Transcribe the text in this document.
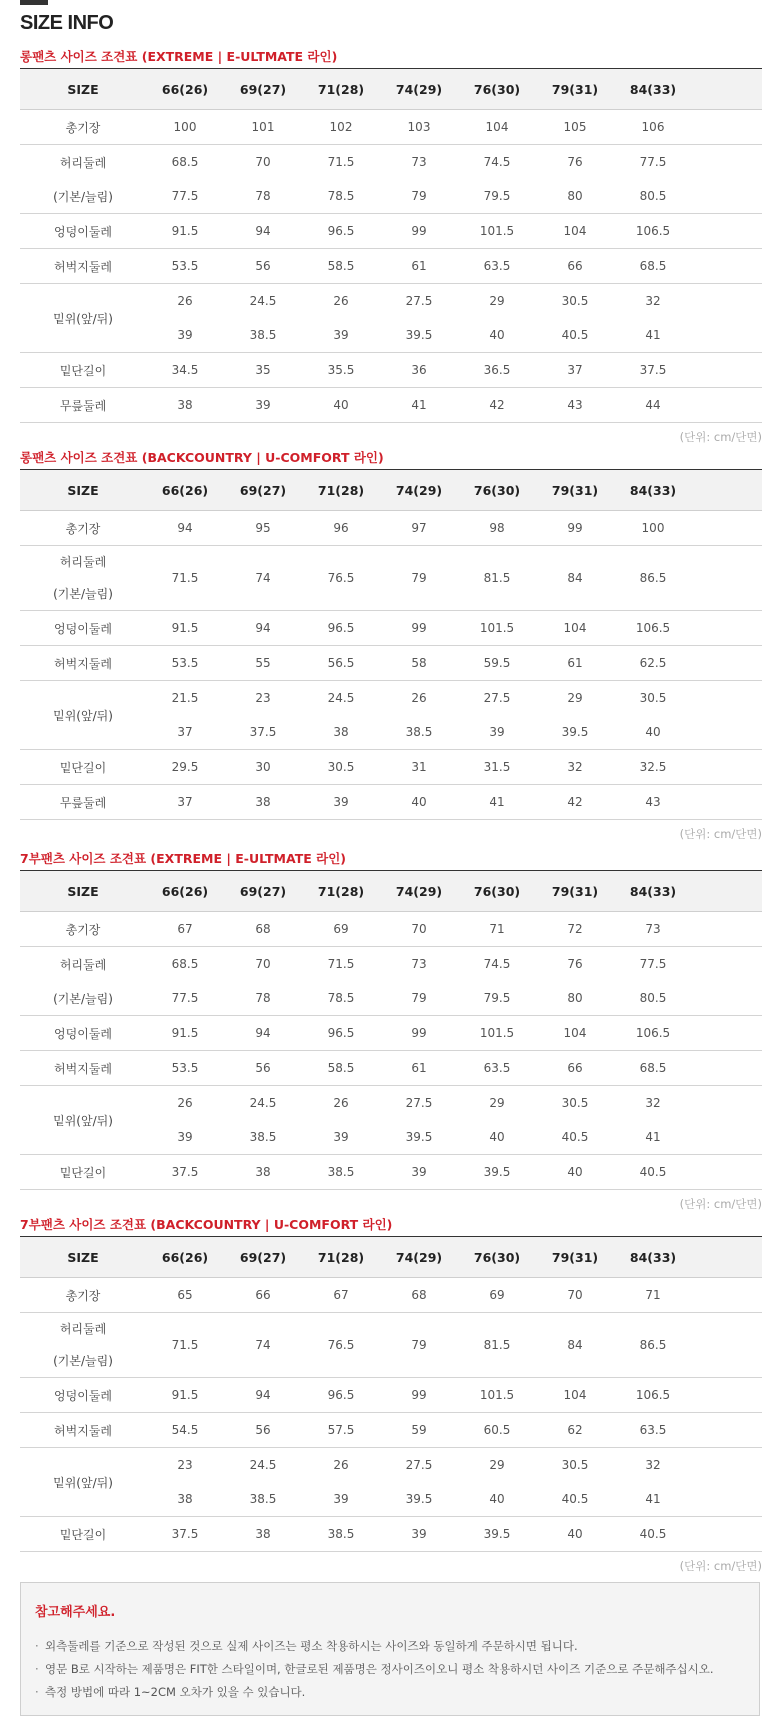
SIZE INFO
롱팬츠 사이즈 조견표 (EXTREME | E-ULTMATE 라인)
SIZE	66(26)	69(27)	71(28)	74(29)	76(30)	79(31)	84(33)	
총기장	100	101	102	103	104	105	106	
허리둘레	68.5	70	71.5	73	74.5	76	77.5	
(기본/늘림)	77.5	78	78.5	79	79.5	80	80.5	
엉덩이둘레	91.5	94	96.5	99	101.5	104	106.5	
허벅지둘레	53.5	56	58.5	61	63.5	66	68.5	
밑위(앞/뒤)	26	24.5	26	27.5	29	30.5	32	
	39	38.5	39	39.5	40	40.5	41	
밑단길이	34.5	35	35.5	36	36.5	37	37.5	
무릎둘레	38	39	40	41	42	43	44	
(단위: cm/단면)
롱팬츠 사이즈 조견표 (BACKCOUNTRY | U-COMFORT 라인)
SIZE	66(26)	69(27)	71(28)	74(29)	76(30)	79(31)	84(33)	
총기장	94	95	96	97	98	99	100	
허리둘레
(기본/늘림)	71.5	74	76.5	79	81.5	84	86.5	
엉덩이둘레	91.5	94	96.5	99	101.5	104	106.5	
허벅지둘레	53.5	55	56.5	58	59.5	61	62.5	
밑위(앞/뒤)	21.5	23	24.5	26	27.5	29	30.5	
	37	37.5	38	38.5	39	39.5	40	
밑단길이	29.5	30	30.5	31	31.5	32	32.5	
무릎둘레	37	38	39	40	41	42	43	
(단위: cm/단면)
7부팬츠 사이즈 조견표 (EXTREME | E-ULTMATE 라인)
SIZE	66(26)	69(27)	71(28)	74(29)	76(30)	79(31)	84(33)	
총기장	67	68	69	70	71	72	73	
허리둘레	68.5	70	71.5	73	74.5	76	77.5	
(기본/늘림)	77.5	78	78.5	79	79.5	80	80.5	
엉덩이둘레	91.5	94	96.5	99	101.5	104	106.5	
허벅지둘레	53.5	56	58.5	61	63.5	66	68.5	
밑위(앞/뒤)	26	24.5	26	27.5	29	30.5	32	
	39	38.5	39	39.5	40	40.5	41	
밑단길이	37.5	38	38.5	39	39.5	40	40.5	
(단위: cm/단면)
7부팬츠 사이즈 조견표 (BACKCOUNTRY | U-COMFORT 라인)
SIZE	66(26)	69(27)	71(28)	74(29)	76(30)	79(31)	84(33)	
총기장	65	66	67	68	69	70	71	
허리둘레
(기본/늘림)	71.5	74	76.5	79	81.5	84	86.5	
엉덩이둘레	91.5	94	96.5	99	101.5	104	106.5	
허벅지둘레	54.5	56	57.5	59	60.5	62	63.5	
밑위(앞/뒤)	23	24.5	26	27.5	29	30.5	32	
	38	38.5	39	39.5	40	40.5	41	
밑단길이	37.5	38	38.5	39	39.5	40	40.5	
(단위: cm/단면)
참고해주세요.
· 외측둘레를 기준으로 작성된 것으로 실제 사이즈는 평소 착용하시는 사이즈와 동일하게 주문하시면 됩니다.
· 영문 B로 시작하는 제품명은 FIT한 스타일이며, 한글로된 제품명은 정사이즈이오니 평소 착용하시던 사이즈 기준으로 주문해주십시오.
· 측정 방법에 따라 1~2CM 오차가 있을 수 있습니다.
